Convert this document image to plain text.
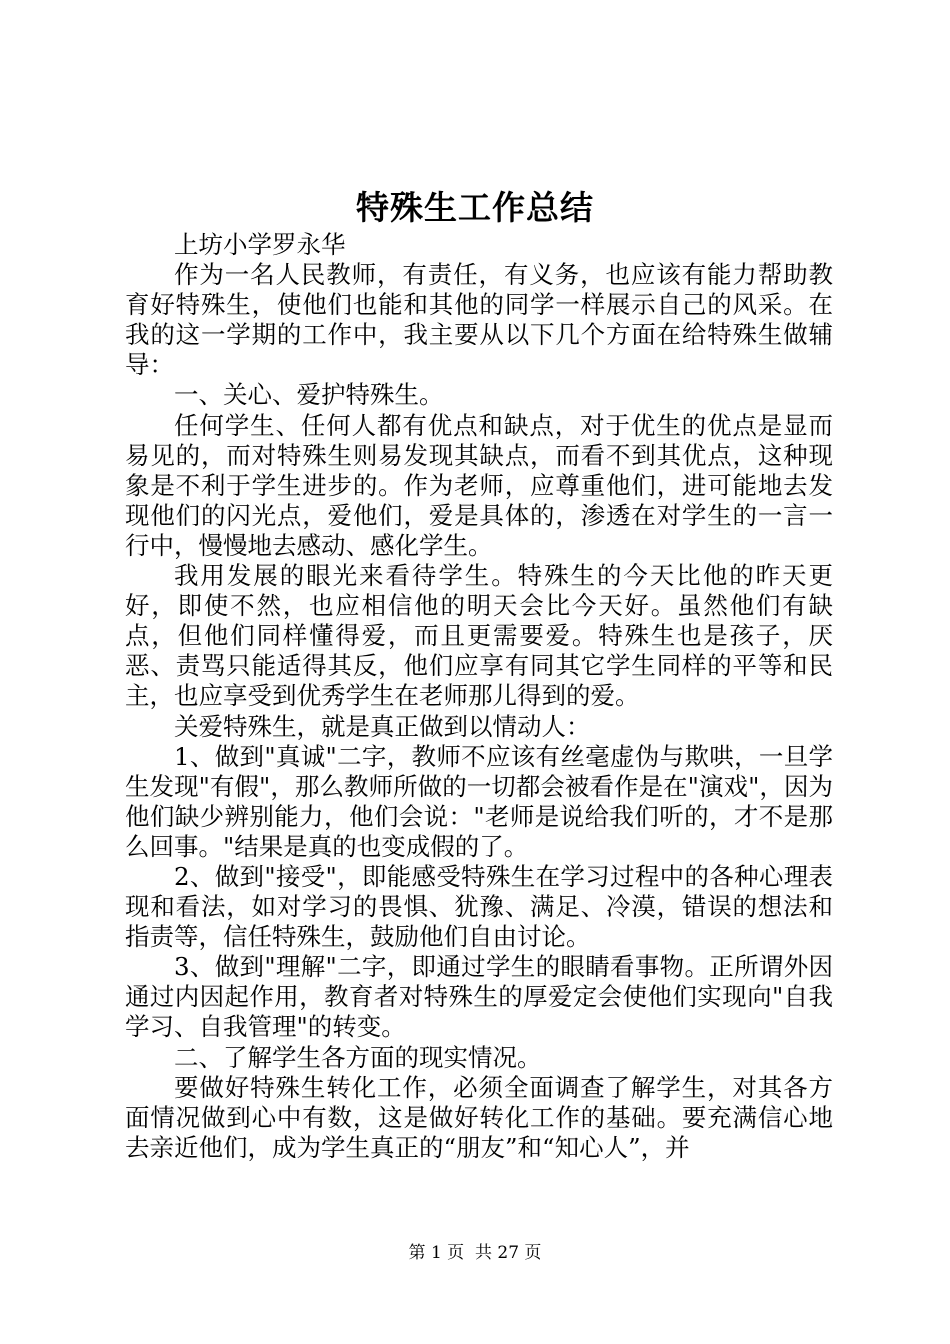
特殊生工作总结

上坊小学罗永华

作为一名人民教师，有责任，有义务，也应该有能力帮助教育好特殊生，使他们也能和其他的同学一样展示自己的风采。在我的这一学期的工作中，我主要从以下几个方面在给特殊生做辅导：

一、关心、爱护特殊生。

任何学生、任何人都有优点和缺点，对于优生的优点是显而易见的，而对特殊生则易发现其缺点，而看不到其优点，这种现象是不利于学生进步的。作为老师，应尊重他们，进可能地去发现他们的闪光点，爱他们，爱是具体的，渗透在对学生的一言一行中，慢慢地去感动、感化学生。

我用发展的眼光来看待学生。特殊生的今天比他的昨天更好，即使不然，也应相信他的明天会比今天好。虽然他们有缺点，但他们同样懂得爱，而且更需要爱。特殊生也是孩子，厌恶、责骂只能适得其反，他们应享有同其它学生同样的平等和民主，也应享受到优秀学生在老师那儿得到的爱。

关爱特殊生，就是真正做到以情动人：

1、做到"真诚"二字，教师不应该有丝毫虚伪与欺哄，一旦学生发现"有假"，那么教师所做的一切都会被看作是在"演戏"，因为他们缺少辨别能力，他们会说："老师是说给我们听的，才不是那么回事。"结果是真的也变成假的了。

2、做到"接受"，即能感受特殊生在学习过程中的各种心理表现和看法，如对学习的畏惧、犹豫、满足、冷漠，错误的想法和指责等，信任特殊生，鼓励他们自由讨论。

3、做到"理解"二字，即通过学生的眼睛看事物。正所谓外因通过内因起作用，教育者对特殊生的厚爱定会使他们实现向"自我学习、自我管理"的转变。

二、了解学生各方面的现实情况。

要做好特殊生转化工作，必须全面调查了解学生，对其各方面情况做到心中有数，这是做好转化工作的基础。要充满信心地去亲近他们，成为学生真正的“朋友”和“知心人”，并

第 1 页 共 27 页
